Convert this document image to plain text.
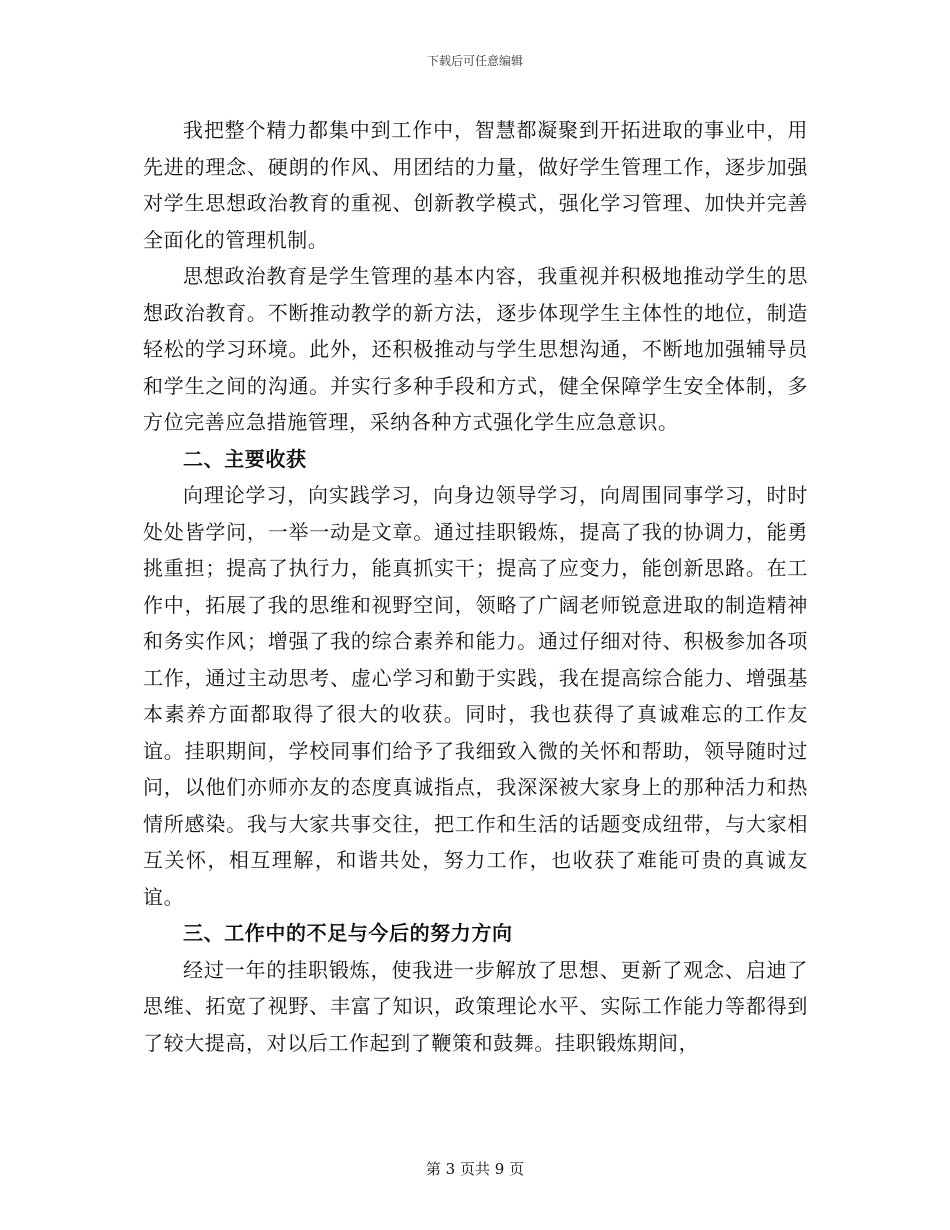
下载后可任意编辑

我把整个精力都集中到工作中，智慧都凝聚到开拓进取的事业中，用先进的理念、硬朗的作风、用团结的力量，做好学生管理工作，逐步加强对学生思想政治教育的重视、创新教学模式，强化学习管理、加快并完善全面化的管理机制。

思想政治教育是学生管理的基本内容，我重视并积极地推动学生的思想政治教育。不断推动教学的新方法，逐步体现学生主体性的地位，制造轻松的学习环境。此外，还积极推动与学生思想沟通，不断地加强辅导员和学生之间的沟通。并实行多种手段和方式，健全保障学生安全体制，多方位完善应急措施管理，采纳各种方式强化学生应急意识。

二、主要收获

向理论学习，向实践学习，向身边领导学习，向周围同事学习，时时处处皆学问，一举一动是文章。通过挂职锻炼，提高了我的协调力，能勇挑重担；提高了执行力，能真抓实干；提高了应变力，能创新思路。在工作中，拓展了我的思维和视野空间，领略了广阔老师锐意进取的制造精神和务实作风；增强了我的综合素养和能力。通过仔细对待、积极参加各项工作，通过主动思考、虚心学习和勤于实践，我在提高综合能力、增强基本素养方面都取得了很大的收获。同时，我也获得了真诚难忘的工作友谊。挂职期间，学校同事们给予了我细致入微的关怀和帮助，领导随时过问，以他们亦师亦友的态度真诚指点，我深深被大家身上的那种活力和热情所感染。我与大家共事交往，把工作和生活的话题变成纽带，与大家相互关怀，相互理解，和谐共处，努力工作，也收获了难能可贵的真诚友谊。

三、工作中的不足与今后的努力方向

经过一年的挂职锻炼，使我进一步解放了思想、更新了观念、启迪了思维、拓宽了视野、丰富了知识，政策理论水平、实际工作能力等都得到了较大提高，对以后工作起到了鞭策和鼓舞。挂职锻炼期间，

第 3 页共 9 页
